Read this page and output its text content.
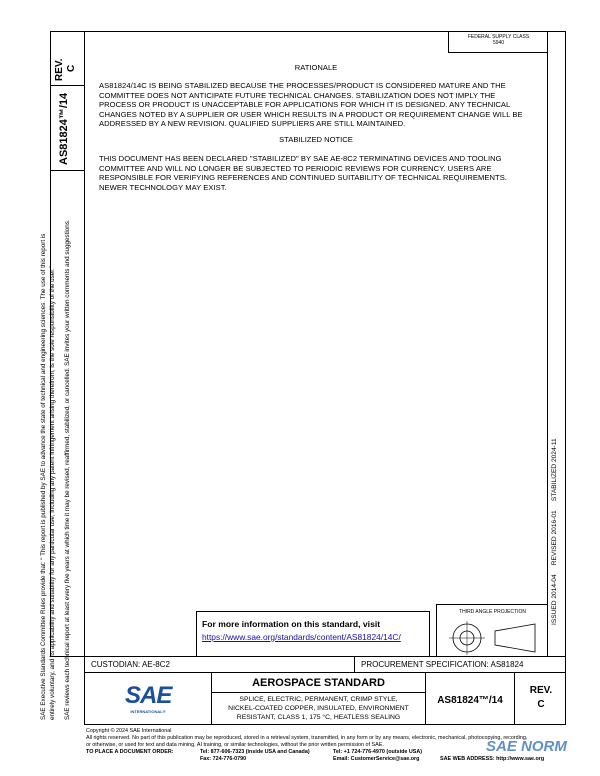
REV. C
AS81824™/14
SAE Executive Standards Committee Rules provide that: " This report is published by SAE to advance the state of technical and engineering sciences. The use of this report is entirely voluntary, and its applicability and suitability for any particular use, including any patent infringement arising therefrom, is the sole responsibility of the user." SAE reviews each technical report at least every five years at which time it may be revised, reaffirmed, stabilized, or cancelled. SAE invites your written comments and suggestions.	ISSUED 2014-04     REVISED 2016-01     STABILIZED 2024-11
FEDERAL SUPPLY CLASS
5940
RATIONALE
AS81824/14C IS BEING STABILIZED BECAUSE THE PROCESSES/PRODUCT IS CONSIDERED MATURE AND THE COMMITTEE DOES NOT ANTICIPATE FUTURE TECHNICAL CHANGES. STABILIZATION DOES NOT IMPLY THE PROCESS OR PRODUCT IS UNACCEPTABLE FOR APPLICATIONS FOR WHICH IT IS DESIGNED. ANY TECHNICAL CHANGES NOTED BY A SUPPLIER OR USER WHICH RESULTS IN A PRODUCT OR REQUIREMENT CHANGE WILL BE ADDRESSED BY A NEW REVISION. QUALIFIED SUPPLIERS ARE STILL MAINTAINED.
STABILIZED NOTICE
THIS DOCUMENT HAS BEEN DECLARED "STABILIZED" BY SAE AE-8C2 TERMINATING DEVICES AND TOOLING COMMITTEE AND WILL NO LONGER BE SUBJECTED TO PERIODIC REVIEWS FOR CURRENCY. USERS ARE RESPONSIBLE FOR VERIFYING REFERENCES AND CONTINUED SUITABILITY OF TECHNICAL REQUIREMENTS. NEWER TECHNOLOGY MAY EXIST.
For more information on this standard, visit
https://www.sae.org/standards/content/AS81824/14C/
THIRD ANGLE PROJECTION
CUSTODIAN: AE-8C2	PROCUREMENT SPECIFICATION: AS81824
SAE
INTERNATIONAL®
AEROSPACE STANDARD
SPLICE, ELECTRIC, PERMANENT, CRIMP STYLE,
NICKEL-COATED COPPER, INSULATED, ENVIRONMENT
RESISTANT, CLASS 1, 175 °C, HEATLESS SEALING
AS81824™/14
REV.
C
Copyright © 2024 SAE International
All rights reserved. No part of this publication may be reproduced, stored in a retrieval system, transmitted, in any form or by any means, electronic, mechanical, photocopying, recording,
or otherwise, or used for text and data mining, AI training, or similar technologies, without the prior written permission of SAE.
TO PLACE A DOCUMENT ORDER:	Tel: 877-606-7323 (inside USA and Canada)
Fax: 724-776-0790
Tel: +1 724-776-4970 (outside USA)
Email: CustomerService@sae.org	SAE WEB ADDRESS: http://www.sae.org
SAE NORM
